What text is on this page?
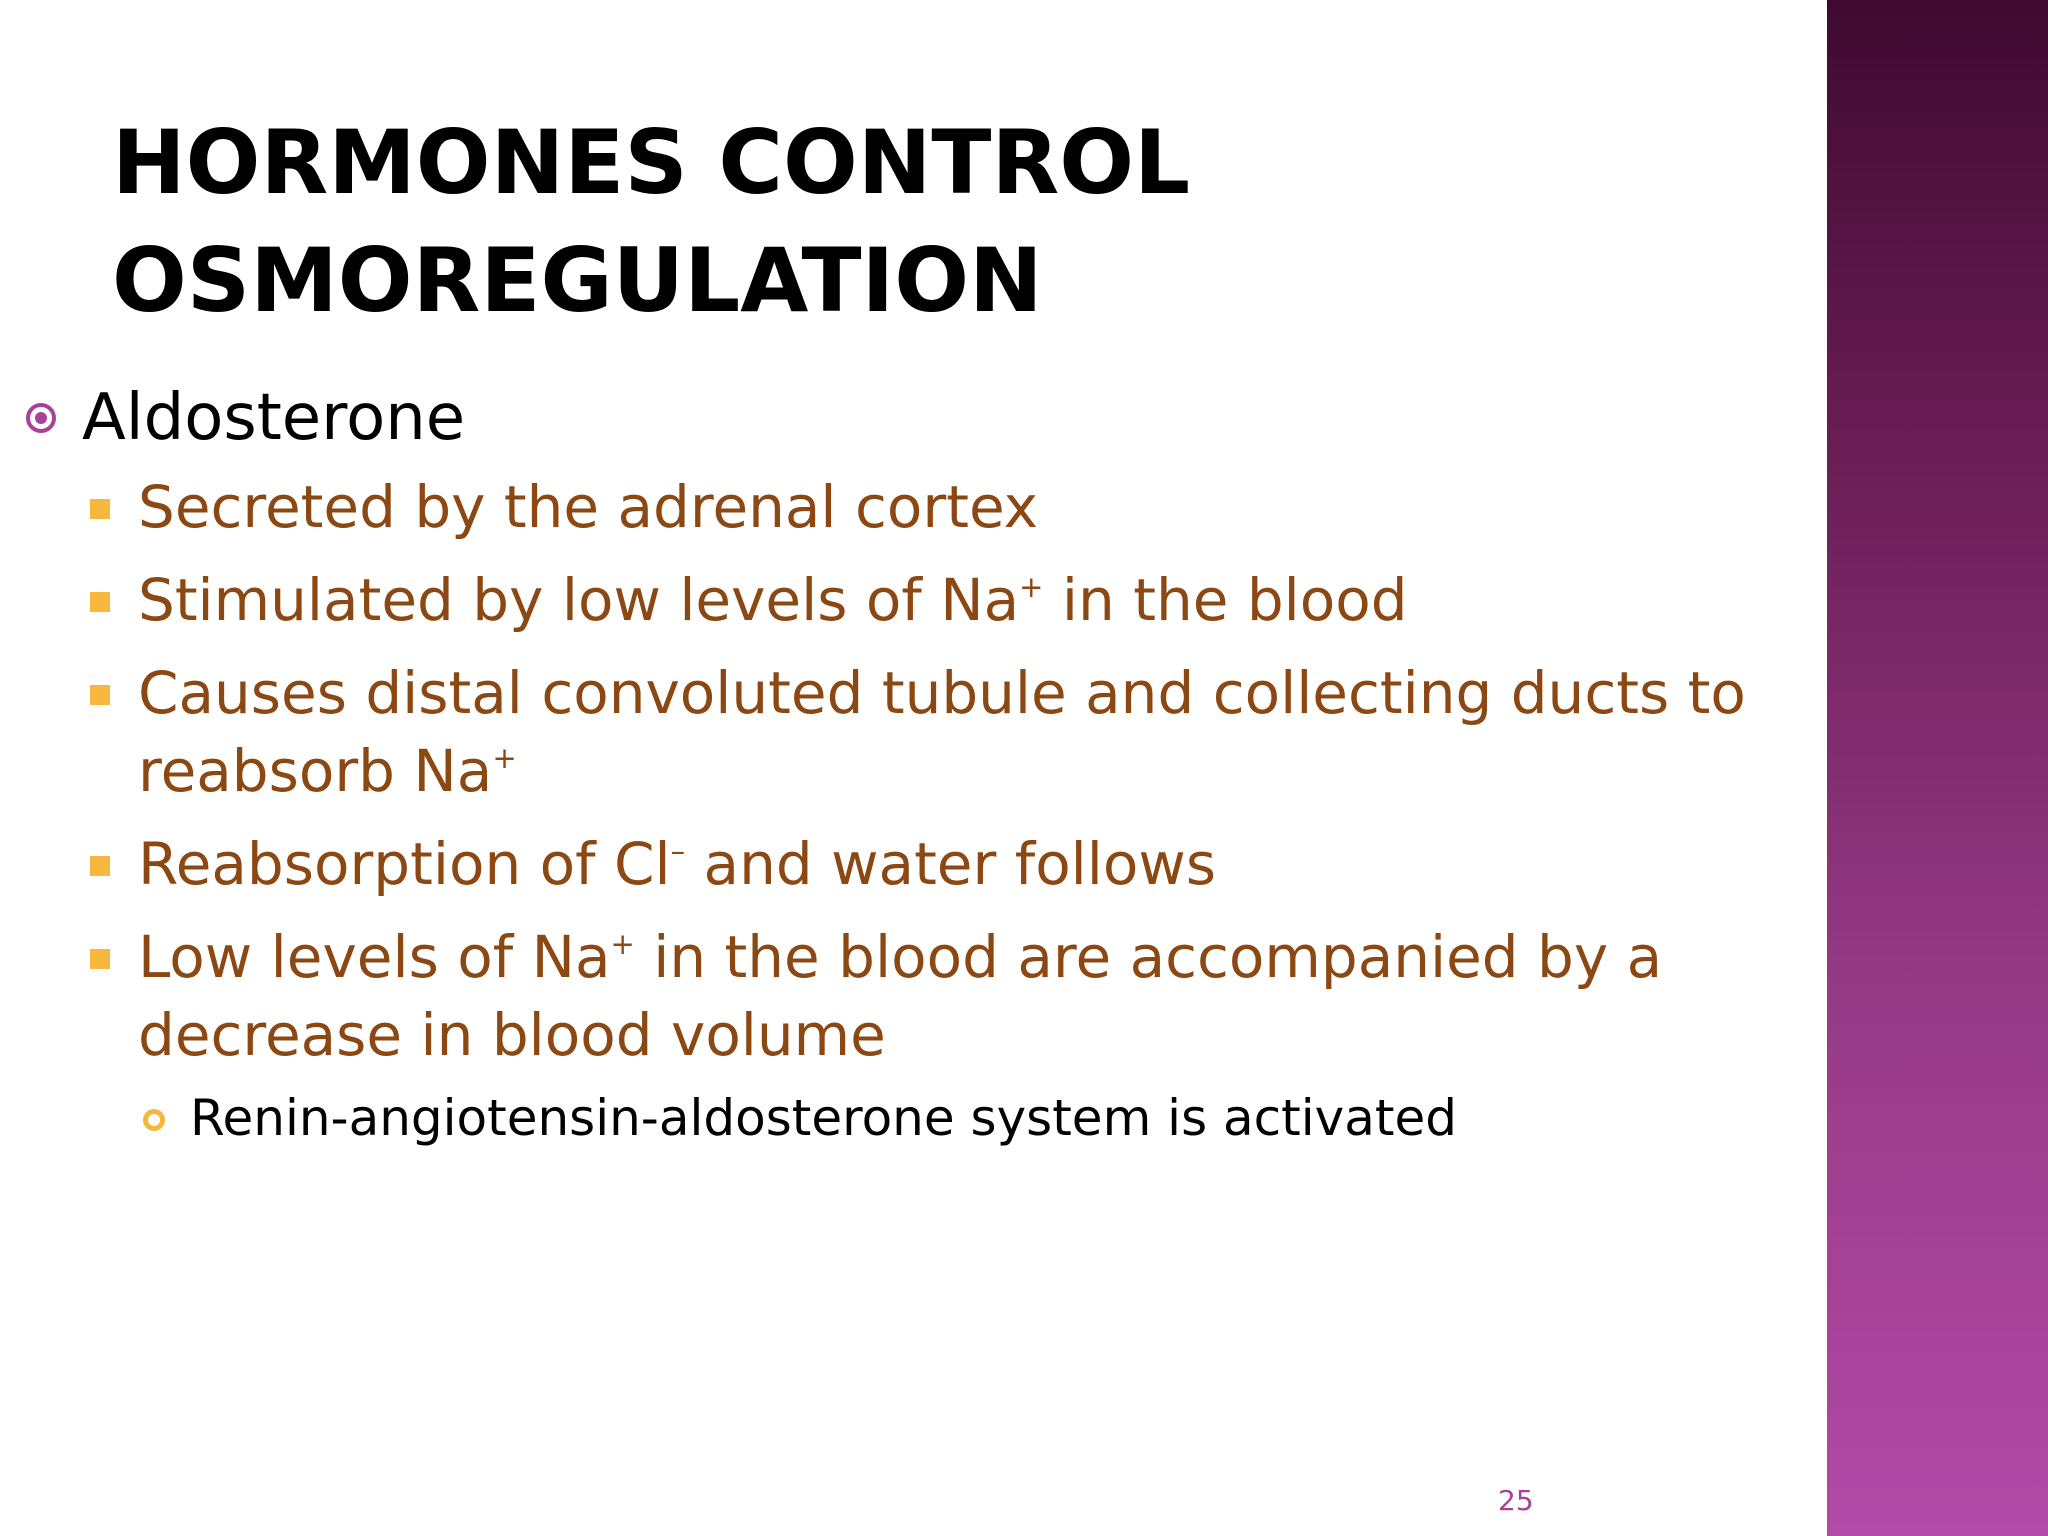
HORMONES CONTROL
OSMOREGULATION
Aldosterone
Secreted by the adrenal cortex
Stimulated by low levels of Na+ in the blood
Causes distal convoluted tubule and collecting ducts to reabsorb Na+
Reabsorption of Cl– and water follows
Low levels of Na+ in the blood are accompanied by a decrease in blood volume
Renin-angiotensin-aldosterone system is activated
25
